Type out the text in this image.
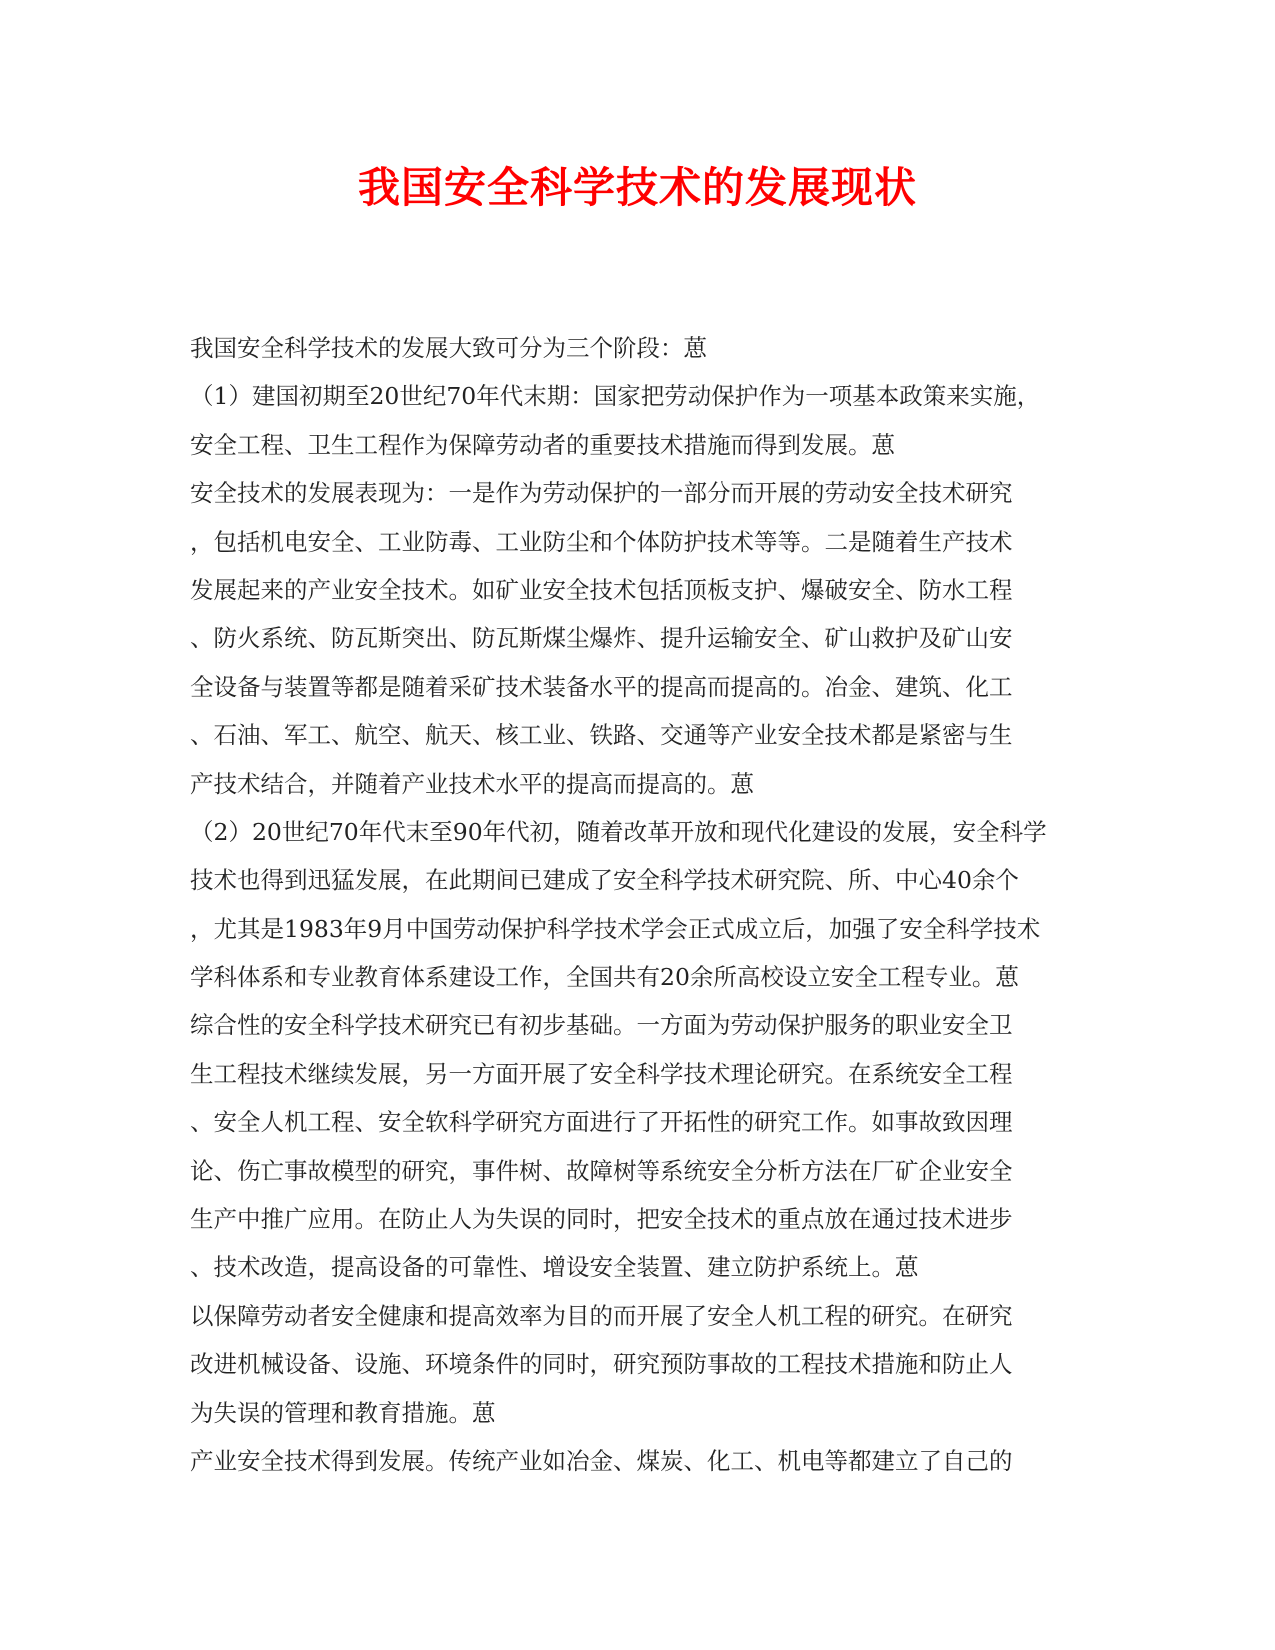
我国安全科学技术的发展现状
我国安全科学技术的发展大致可分为三个阶段：葸
（1）建国初期至20世纪70年代末期：国家把劳动保护作为一项基本政策来实施，
安全工程、卫生工程作为保障劳动者的重要技术措施而得到发展。葸
安全技术的发展表现为：一是作为劳动保护的一部分而开展的劳动安全技术研究
，包括机电安全、工业防毒、工业防尘和个体防护技术等等。二是随着生产技术
发展起来的产业安全技术。如矿业安全技术包括顶板支护、爆破安全、防水工程
、防火系统、防瓦斯突出、防瓦斯煤尘爆炸、提升运输安全、矿山救护及矿山安
全设备与装置等都是随着采矿技术装备水平的提高而提高的。冶金、建筑、化工
、石油、军工、航空、航天、核工业、铁路、交通等产业安全技术都是紧密与生
产技术结合，并随着产业技术水平的提高而提高的。葸
（2）20世纪70年代末至90年代初，随着改革开放和现代化建设的发展，安全科学
技术也得到迅猛发展，在此期间已建成了安全科学技术研究院、所、中心40余个
，尤其是1983年9月中国劳动保护科学技术学会正式成立后，加强了安全科学技术
学科体系和专业教育体系建设工作，全国共有20余所高校设立安全工程专业。葸
综合性的安全科学技术研究已有初步基础。一方面为劳动保护服务的职业安全卫
生工程技术继续发展，另一方面开展了安全科学技术理论研究。在系统安全工程
、安全人机工程、安全软科学研究方面进行了开拓性的研究工作。如事故致因理
论、伤亡事故模型的研究，事件树、故障树等系统安全分析方法在厂矿企业安全
生产中推广应用。在防止人为失误的同时，把安全技术的重点放在通过技术进步
、技术改造，提高设备的可靠性、增设安全装置、建立防护系统上。葸
以保障劳动者安全健康和提高效率为目的而开展了安全人机工程的研究。在研究
改进机械设备、设施、环境条件的同时，研究预防事故的工程技术措施和防止人
为失误的管理和教育措施。葸
产业安全技术得到发展。传统产业如冶金、煤炭、化工、机电等都建立了自己的
